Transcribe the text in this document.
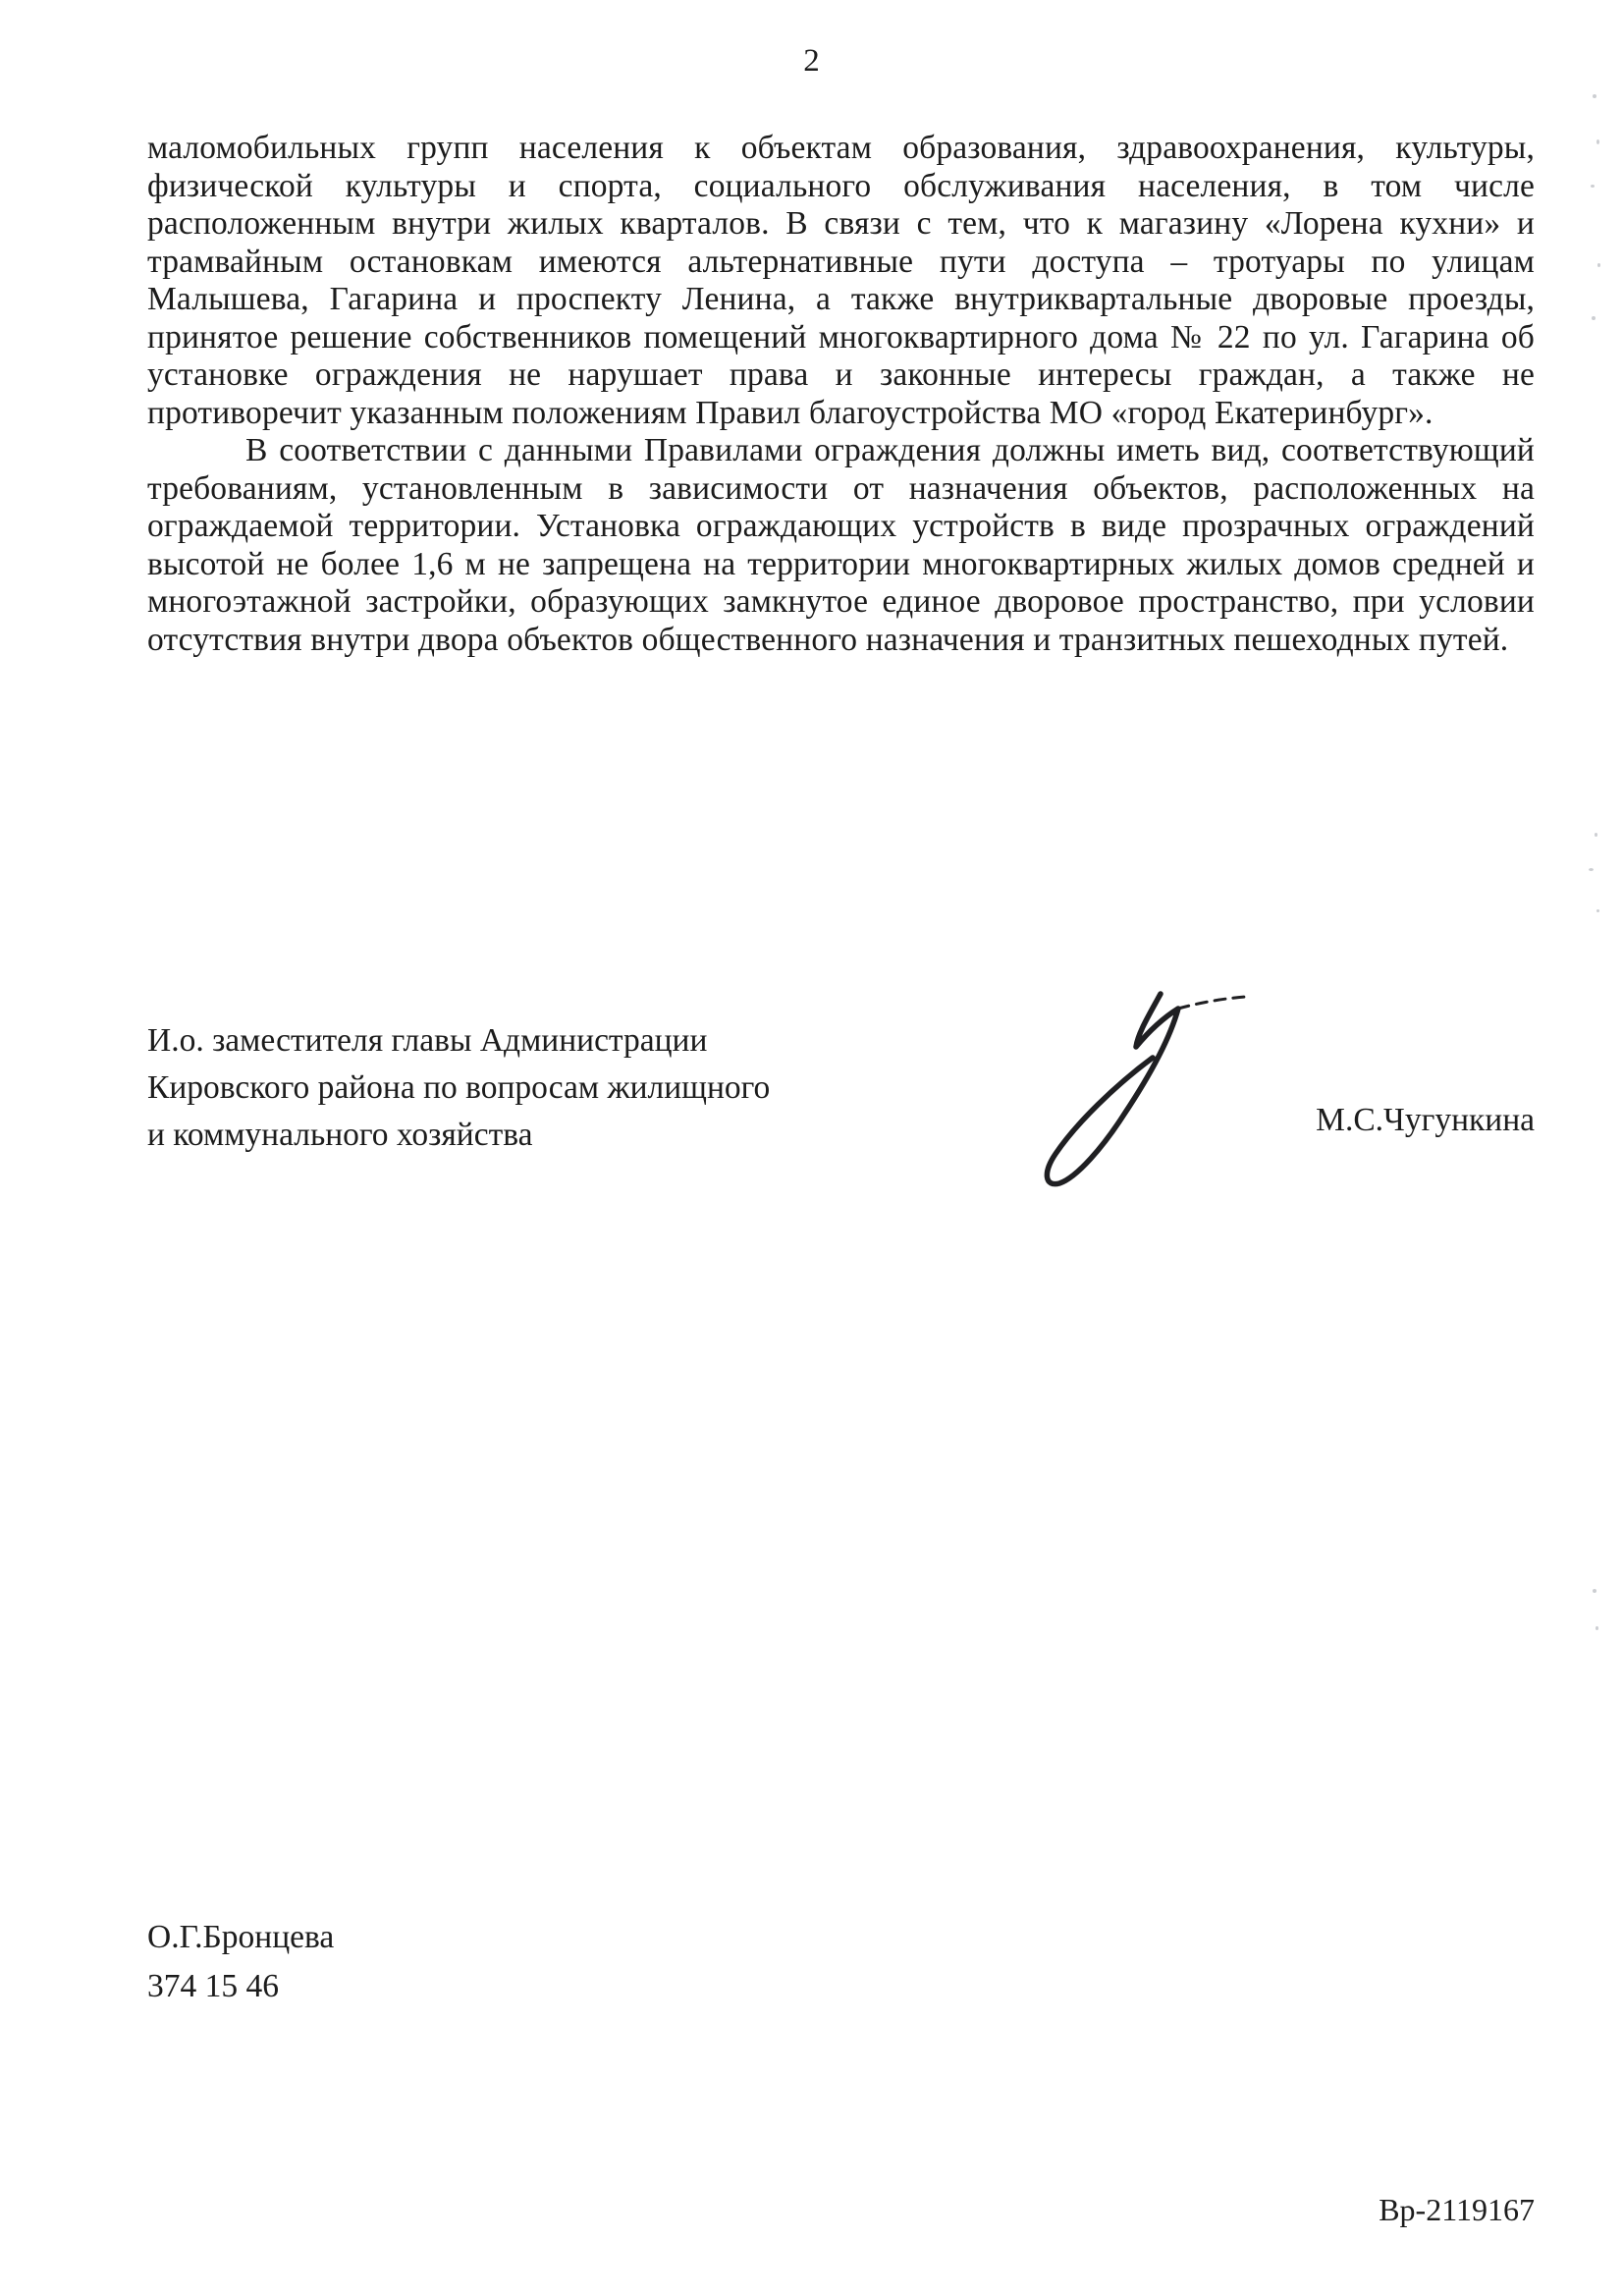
2

маломобильных групп населения к объектам образования, здравоохранения, культуры, физической культуры и спорта, социального обслуживания населения, в том числе расположенным внутри жилых кварталов. В связи с тем, что к магазину «Лорена кухни» и трамвайным остановкам имеются альтернативные пути доступа – тротуары по улицам Малышева, Гагарина и проспекту Ленина, а также внутриквартальные дворовые проезды, принятое решение собственников помещений многоквартирного дома № 22 по ул. Гагарина об установке ограждения не нарушает права и законные интересы граждан, а также не противоречит указанным положениям Правил благоустройства МО «город Екатеринбург».

В соответствии с данными Правилами ограждения должны иметь вид, соответствующий требованиям, установленным в зависимости от назначения объектов, расположенных на ограждаемой территории. Установка ограждающих устройств в виде прозрачных ограждений высотой не более 1,6 м не запрещена на территории многоквартирных жилых домов средней и многоэтажной застройки, образующих замкнутое единое дворовое пространство, при условии отсутствия внутри двора объектов общественного назначения и транзитных пешеходных путей.

И.о. заместителя главы Администрации
Кировского района по вопросам жилищного
и коммунального хозяйства	М.С.Чугункина
О.Г.Бронцева
374 15 46
Вр-2119167
